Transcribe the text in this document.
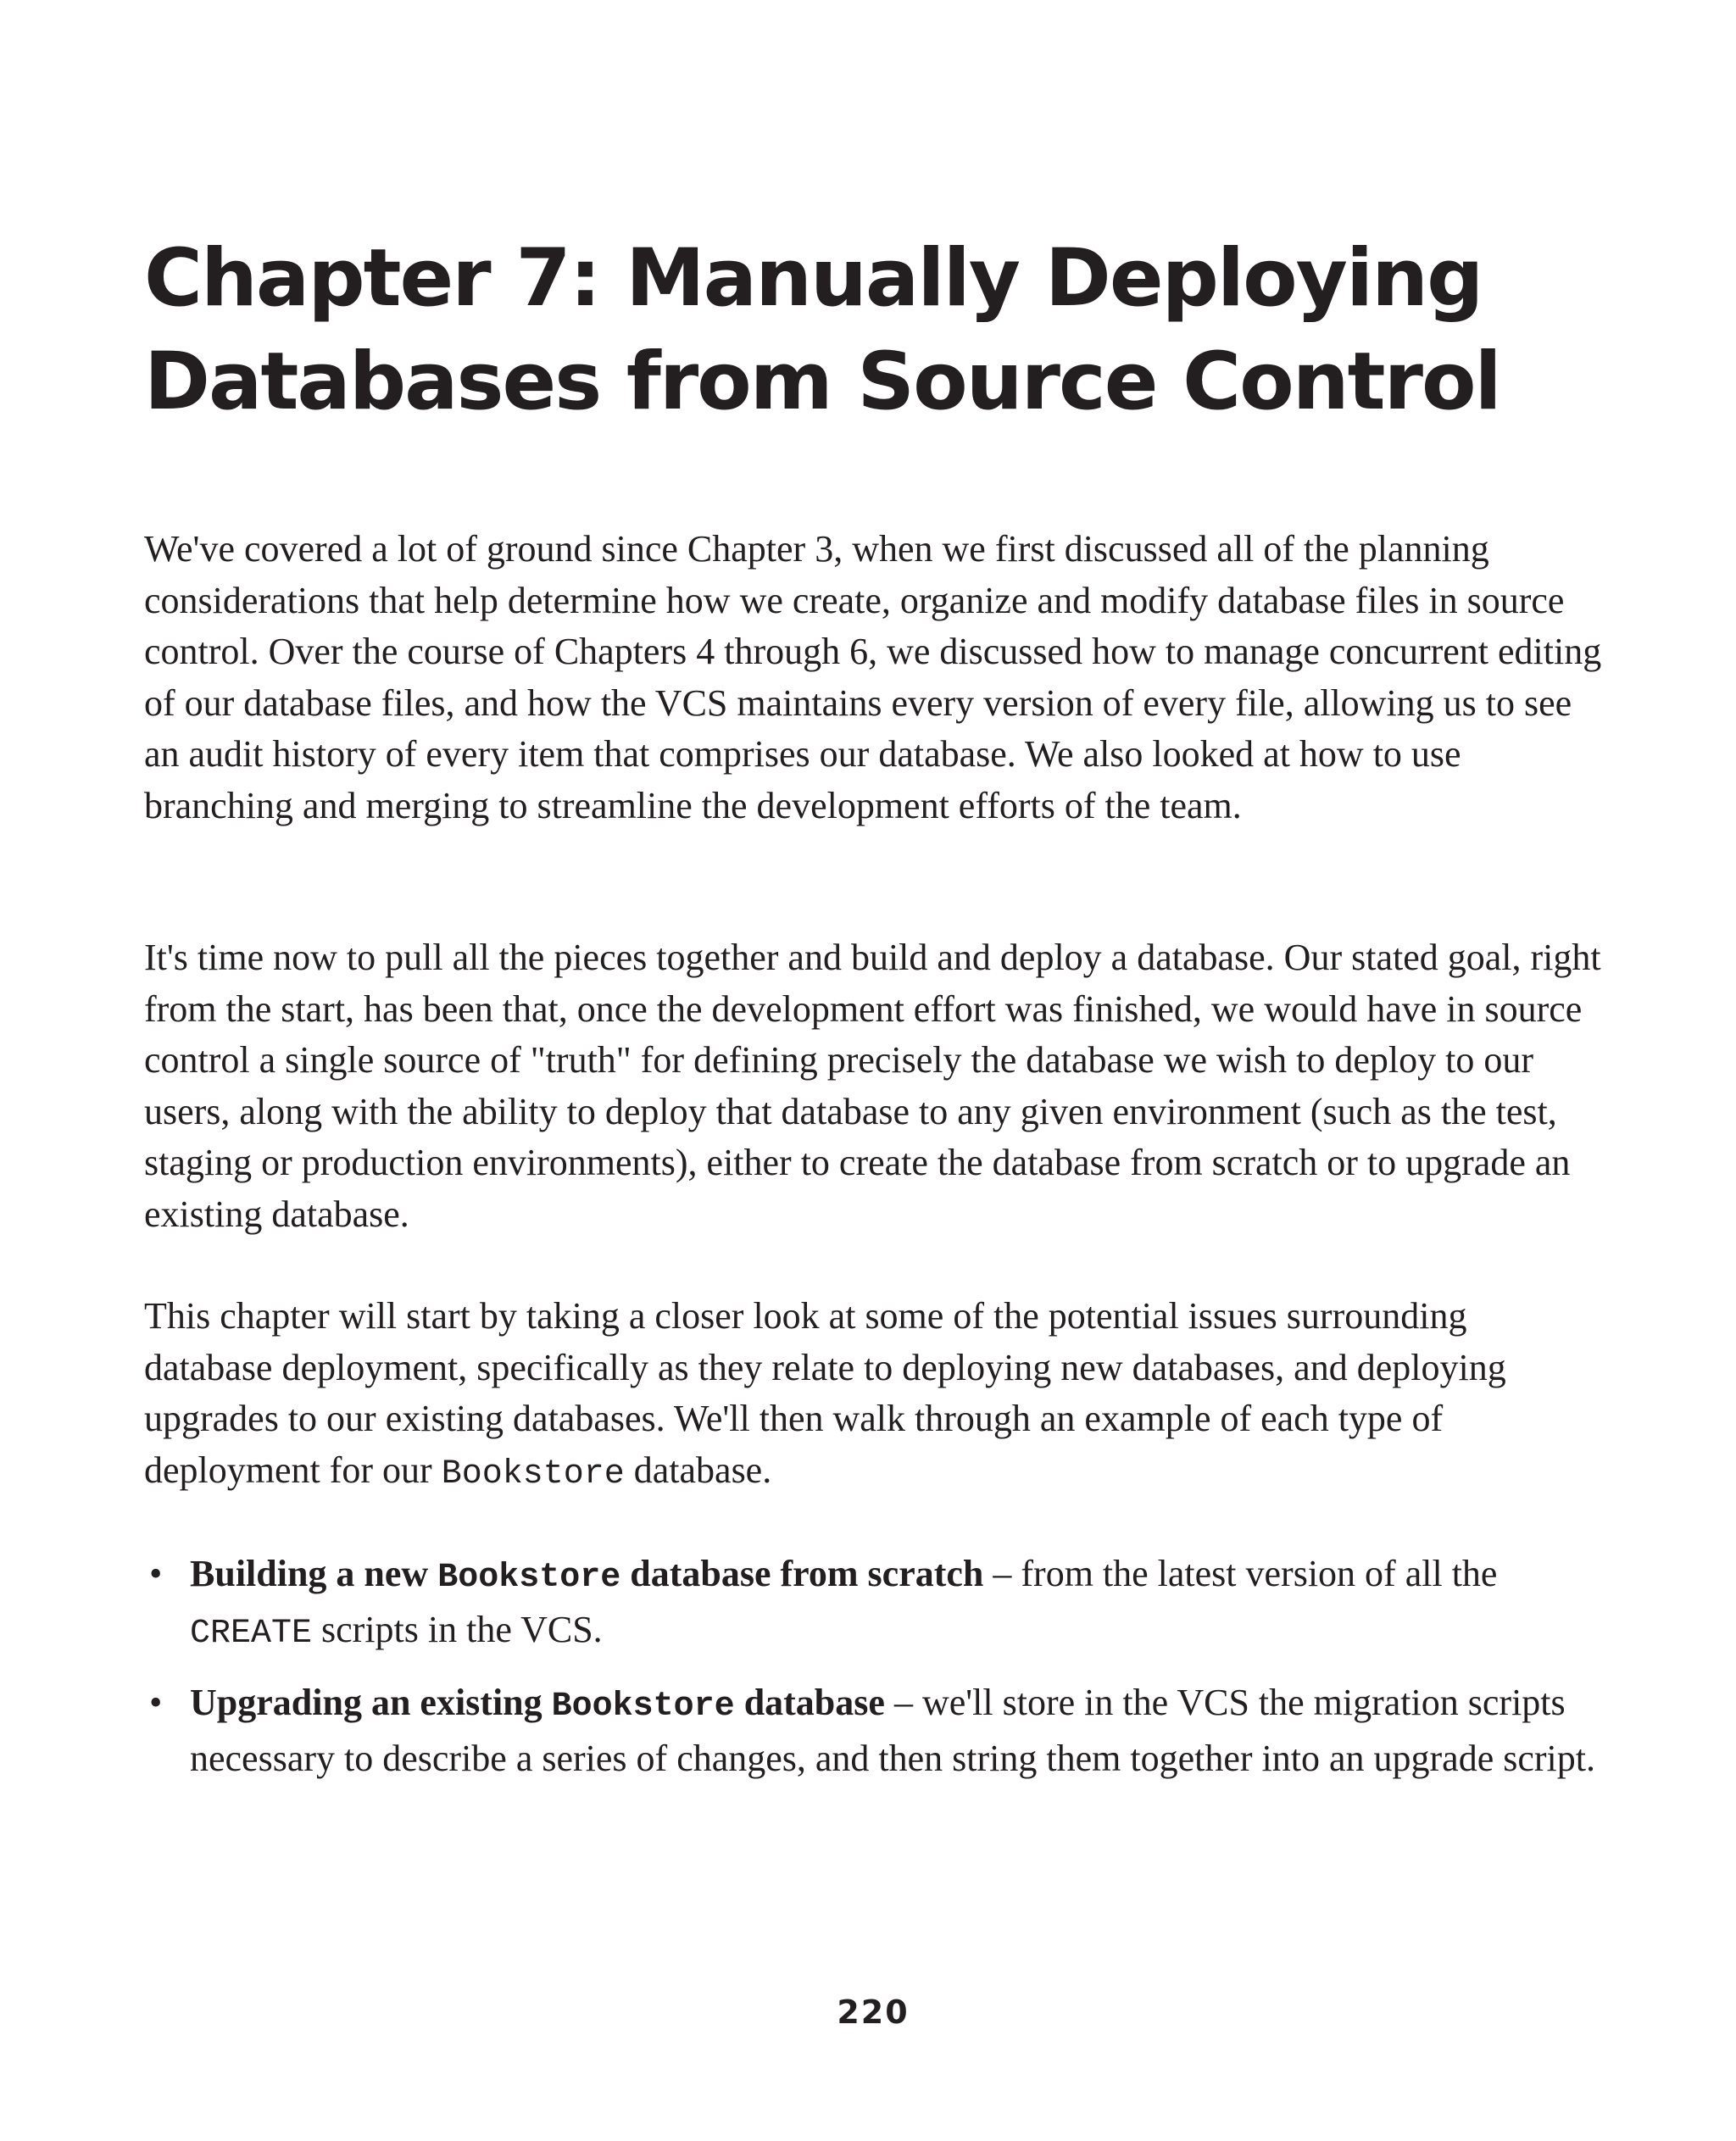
Chapter 7: Manually Deploying
Databases from Source Control

We've covered a lot of ground since Chapter 3, when we first discussed all of the planning considerations that help determine how we create, organize and modify database files in source control. Over the course of Chapters 4 through 6, we discussed how to manage concurrent editing of our database files, and how the VCS maintains every version of every file, allowing us to see an audit history of every item that comprises our database. We also looked at how to use branching and merging to streamline the development efforts of the team.

It's time now to pull all the pieces together and build and deploy a database. Our stated goal, right from the start, has been that, once the development effort was finished, we would have in source control a single source of "truth" for defining precisely the database we wish to deploy to our users, along with the ability to deploy that database to any given environment (such as the test, staging or production environments), either to create the database from scratch or to upgrade an existing database.

This chapter will start by taking a closer look at some of the potential issues surrounding database deployment, specifically as they relate to deploying new databases, and deploying upgrades to our existing databases. We'll then walk through an example of each type of deployment for our Bookstore database.

• Building a new Bookstore database from scratch – from the latest version of all the CREATE scripts in the VCS.
• Upgrading an existing Bookstore database – we'll store in the VCS the migration scripts necessary to describe a series of changes, and then string them together into an upgrade script.
220
